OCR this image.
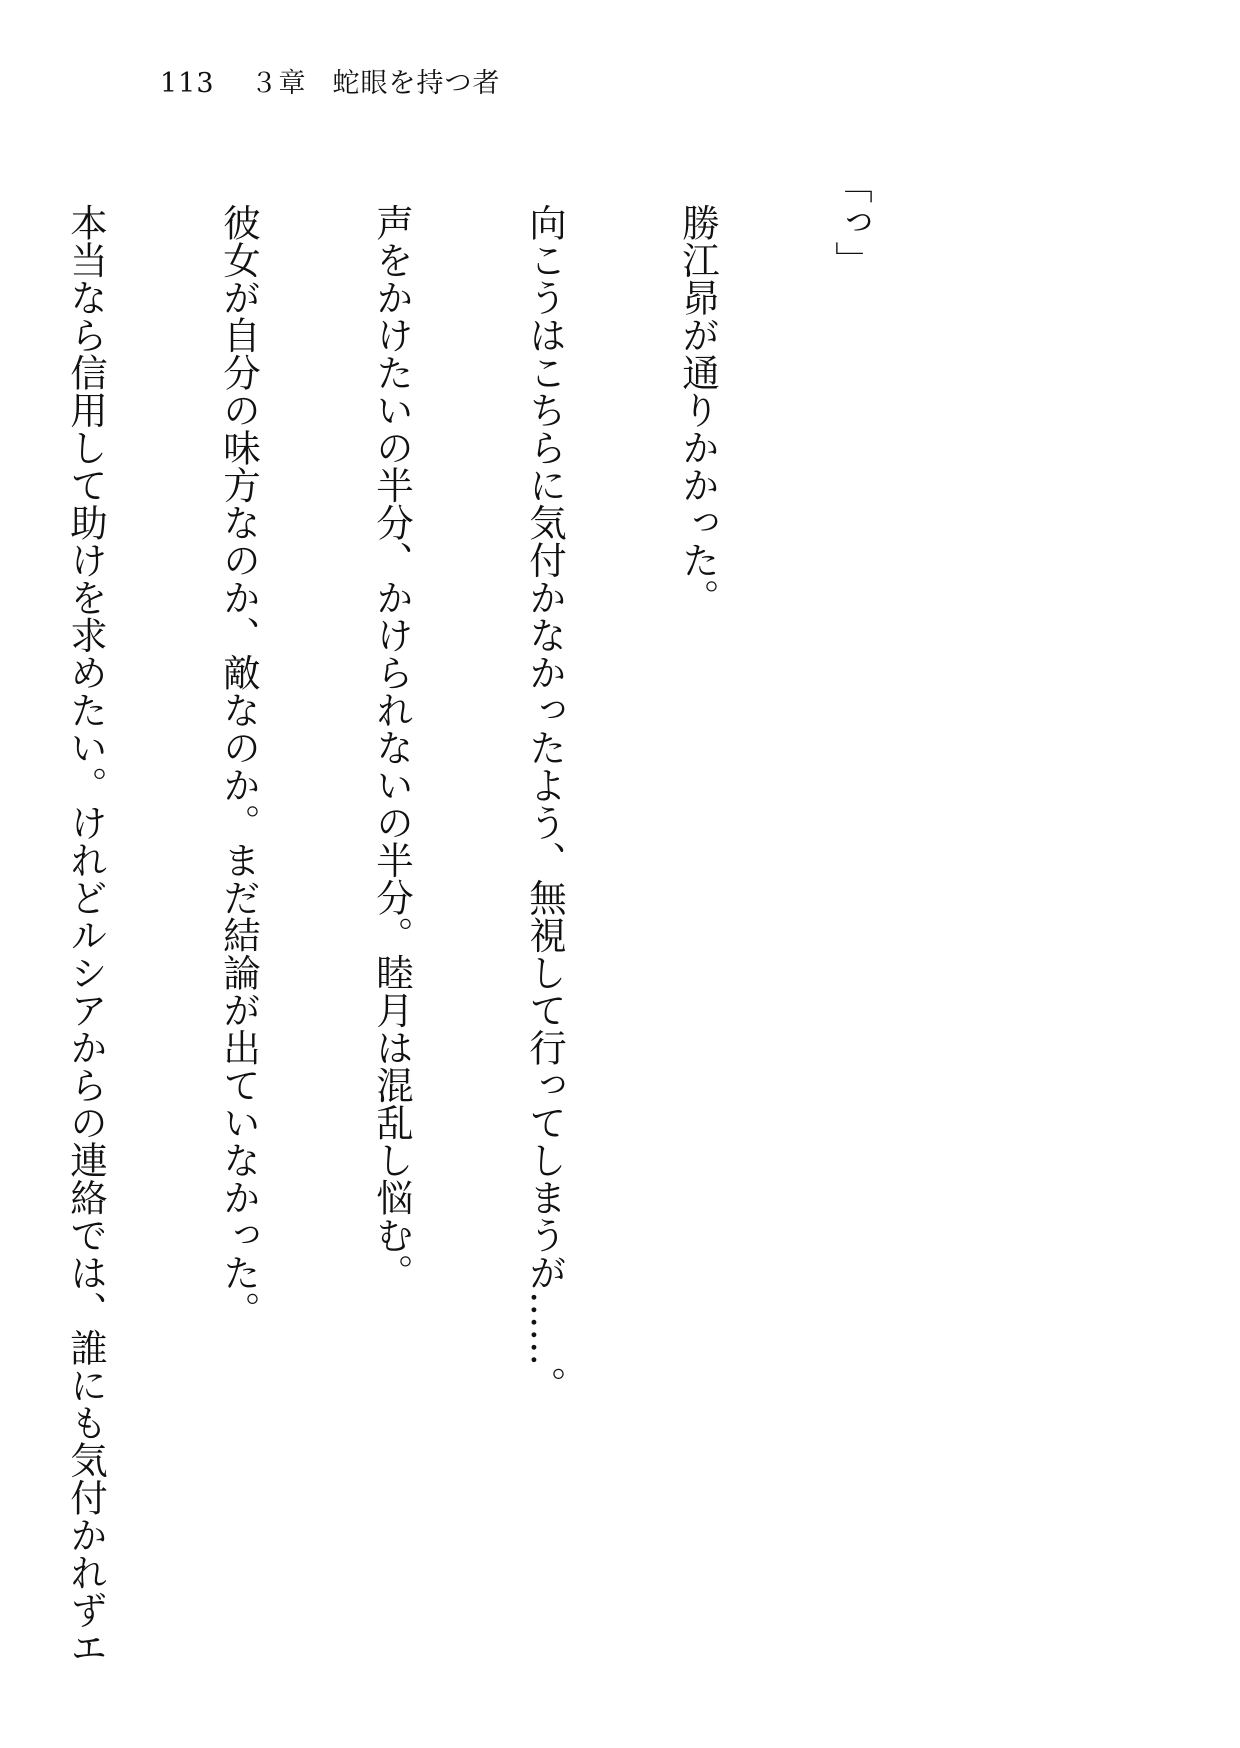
113 ３章 蛇眼を持つ者

「っ」

　勝江昴が通りかかった。

　向こうはこちらに気付かなかったよう、無視して行ってしまうが……。

　声をかけたいの半分、かけられないの半分。睦月は混乱し悩む。

　彼女が自分の味方なのか、敵なのか。まだ結論が出ていなかった。

　本当なら信用して助けを求めたい。けれどルシアからの連絡では、誰にも気付かれずエ
